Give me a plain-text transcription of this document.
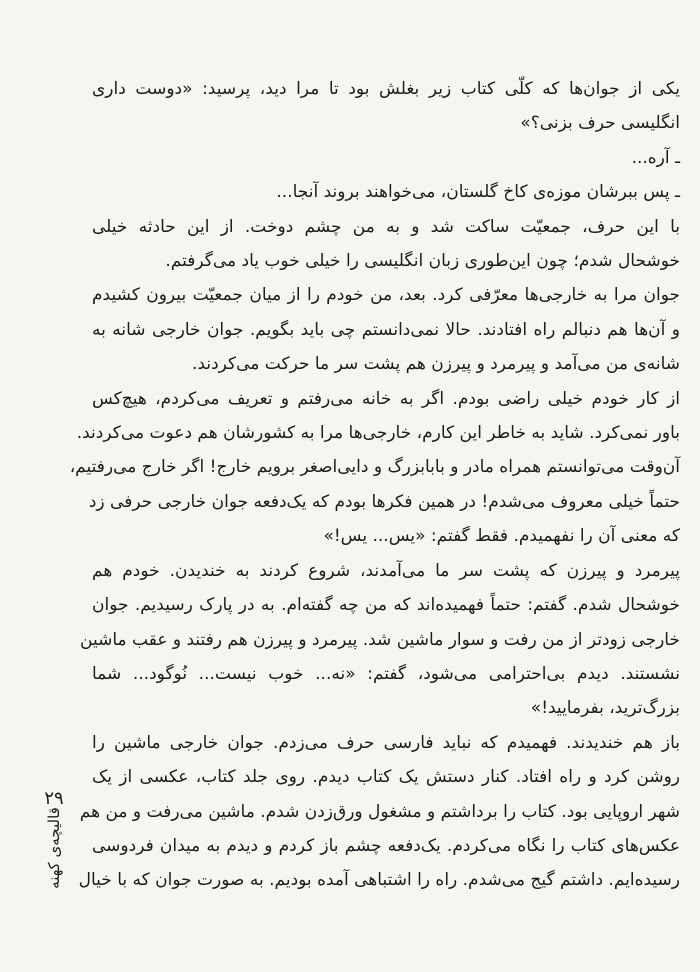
یکی از جوان‌ها که کلّی کتاب زیر بغلش بود تا مرا دید، پرسید: «دوست داری
انگلیسی حرف بزنی؟»
ـ آره...
ـ پس ببرشان موزه‌ی کاخ گلستان، می‌خواهند بروند آنجا...
با این حرف، جمعیّت ساکت شد و به من چشم دوخت. از این حادثه خیلی
خوشحال شدم؛ چون این‌طوری زبان انگلیسی را خیلی خوب یاد می‌گرفتم.
جوان مرا به خارجی‌ها معرّفی کرد. بعد، من خودم را از میان جمعیّت بیرون کشیدم
و آن‌ها هم دنبالم راه افتادند. حالا نمی‌دانستم چی باید بگویم. جوان خارجی شانه به
شانه‌ی من می‌آمد و پیرمرد و پیرزن هم پشت سر ما حرکت می‌کردند.
از کار خودم خیلی راضی بودم. اگر به خانه می‌رفتم و تعریف می‌کردم، هیچ‌کس
باور نمی‌کرد. شاید به خاطر این کارم، خارجی‌ها مرا به کشورشان هم دعوت می‌کردند.
آن‌وقت می‌توانستم همراه مادر و بابابزرگ و دایی‌اصغر برویم خارج! اگر خارج می‌رفتیم،
حتماً خیلی معروف می‌شدم! در همین فکرها بودم که یک‌دفعه جوان خارجی حرفی زد
که معنی آن را نفهمیدم. فقط گفتم: «یس... یس!»
پیرمرد و پیرزن که پشت سر ما می‌آمدند، شروع کردند به خندیدن. خودم هم
خوشحال شدم. گفتم: حتماً فهمیده‌اند که من چه گفته‌ام. به در پارک رسیدیم. جوان
خارجی زودتر از من رفت و سوار ماشین شد. پیرمرد و پیرزن هم رفتند و عقب ماشین
نشستند. دیدم بی‌احترامی می‌شود، گفتم: «نه... خوب نیست... نُوگود... شما
بزرگ‌ترید، بفرمایید!»
باز هم خندیدند. فهمیدم که نباید فارسی حرف می‌زدم. جوان خارجی ماشین را
روشن کرد و راه افتاد. کنار دستش یک کتاب دیدم. روی جلد کتاب، عکسی از یک
شهر اروپایی بود. کتاب را برداشتم و مشغول ورق‌زدن شدم. ماشین می‌رفت و من هم
عکس‌های کتاب را نگاه می‌کردم. یک‌دفعه چشم باز کردم و دیدم به میدان فردوسی
رسیده‌ایم. داشتم گیج می‌شدم. راه را اشتباهی آمده بودیم. به صورت جوان که با خیال
۲۹
قالیچه‌ی کهنه
